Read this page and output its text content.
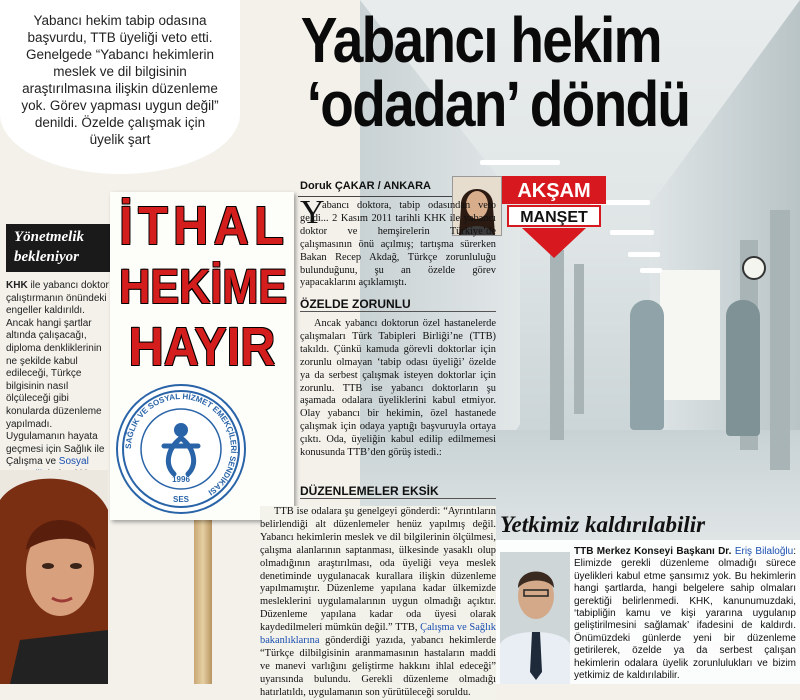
Yabancı hekim tabip odasına başvurdu, TTB üyeliği veto etti. Genelgede “Yabancı hekimlerin meslek ve dil bilgisinin araştırılmasına ilişkin düzenleme yok. Görev yapması uygun değil” denildi. Özelde çalışmak için üyelik şart
Yabancı hekim
‘odadan’ döndü
Yönetmelik bekleniyor
KHK ile yabancı doktor çalıştırmanın önündeki engeller kaldırıldı. Ancak hangi şartlar altında çalışacağı, diploma denkliklerinin ne şekilde kabul edileceği, Türkçe bilgisinin nasıl ölçüleceği gibi konularda düzenleme yapılmadı. Uygulamanın hayata geçmesi için Sağlık ile Çalışma ve Sosyal
İTHAL
HEKİME
HAYIR
SAĞLIK VE SOSYAL HİZMET EMEKÇİLERİ SENDİKASI
1996
SES
Doruk ÇAKAR / ANKARA	AKŞAM
MANŞET
Y
abancı doktora, tabip odasından veto geldi... 2 Kasım 2011 tarihli KHK ile yabancı doktor ve hemşirelerin Türkiye’de çalışmasının önü açılmış; tartışma sürerken Bakan Recep Akdağ, Türkçe zorunluluğu bulunduğunu, şu an özelde görev yapacaklarını açıklamıştı.
ÖZELDE ZORUNLU
Ancak yabancı doktorun özel hastanelerde çalışmaları Türk Tabipleri Birliği’ne (TTB) takıldı. Çünkü kamuda görevli doktorlar için zorunlu olmayan ‘tabip odası üyeliği’ özelde ya da serbest çalışmak isteyen doktorlar için zorunlu. TTB ise yabancı doktorların şu aşamada odalara üyeliklerini kabul etmiyor. Olay yabancı bir hekimin, özel hastanede çalışmak için odaya yaptığı başvuruyla ortaya çıktı. Oda, üyeliğin kabul edilip edilmemesi konusunda TTB’den görüş istedi.:
DÜZENLEMELER EKSİK
TTB ise odalara şu genelgeyi gönderdi: “Ayrıntıların belirlendiği alt düzenlemeler henüz yapılmış değil. Yabancı hekimlerin meslek ve dil bilgilerinin ölçülmesi, çalışma alanlarının saptanması, ülkesinde yasaklı olup olmadığının araştırılması, oda üyeliği veya meslek denetiminde uygulanacak kurallara ilişkin düzenleme yapılmamıştır. Düzenleme yapılana kadar ülkemizde mesleklerini uygulamalarının uygun olmadığı açıktır. Düzenleme yapılana kadar oda üyesi olarak kaydedilmeleri mümkün değil.” TTB, Çalışma ve Sağlık bakanlıklarına gönderdiği yazıda, yabancı hekimlerde “Türkçe dilbilgisinin aranmamasının hastaların maddi ve manevi varlığını geliştirme hakkını ihlal edeceği” uyarısında bulundu. Gerekli düzenleme olmadığı hatırlatıldı, uygulamanın son yürütüleceği soruldu.
Yetkimiz kaldırılabilir
TTB Merkez Konseyi Başkanı Dr. Eriş Bilaloğlu: Elimizde gerekli düzenleme olmadığı sürece üyelikleri kabul etme şansımız yok. Bu hekimlerin hangi şartlarda, hangi belgelere sahip olmaları gerektiği belirlenmedi. KHK, kanunumuzdaki, ‘tabipliğin kamu ve kişi yararına uygulanıp geliştirilmesini sağlamak’ ifadesini de kaldırdı. Önümüzdeki günlerde yeni bir düzenleme getirilerek, özelde ya da serbest çalışan hekimlerin odalara üyelik zorunlulukları ve bizim yetkimiz de kaldırılabilir.
